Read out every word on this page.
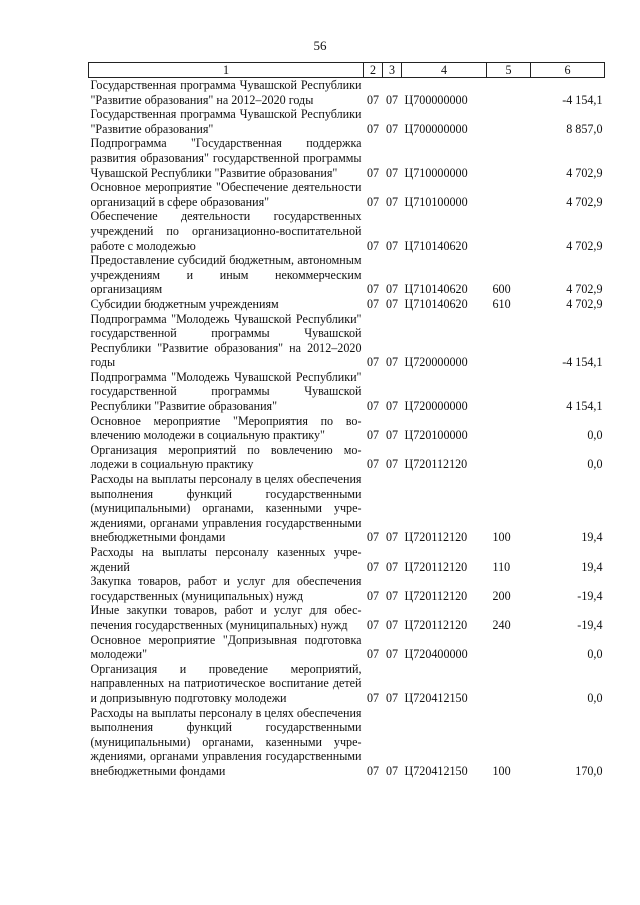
56
1	2	3	4	5	6
Государственная программа Чувашской Республики "Развитие образования" на 2012–2020 годы	07	07	Ц700000000		-4 154,1
Государственная программа Чувашской Республики "Развитие образования"	07	07	Ц700000000		8 857,0
Подпрограмма "Государственная поддержка развития образования" государственной программы Чувашской Республики "Развитие образования"	07	07	Ц710000000		4 702,9
Основное мероприятие "Обеспечение деятельности организаций в сфере образования"	07	07	Ц710100000		4 702,9
Обеспечение деятельности государственных учреждений по организационно-воспитательной работе с молодежью	07	07	Ц710140620		4 702,9
Предоставление субсидий бюджетным, автономным учреждениям и иным некоммерческим организациям	07	07	Ц710140620	600	4 702,9
Субсидии бюджетным учреждениям	07	07	Ц710140620	610	4 702,9
Подпрограмма "Молодежь Чувашской Республики" государственной программы Чувашской Республики "Развитие образования" на 2012–2020 годы	07	07	Ц720000000		-4 154,1
Подпрограмма "Молодежь Чувашской Республики" государственной программы Чувашской Республики "Развитие образования"	07	07	Ц720000000		4 154,1
Основное мероприятие "Мероприятия по вовлечению молодежи в социальную практику"	07	07	Ц720100000		0,0
Организация мероприятий по вовлечению молодежи в социальную практику	07	07	Ц720112120		0,0
Расходы на выплаты персоналу в целях обеспечения выполнения функций государственными (муниципальными) органами, казенными учреждениями, органами управления государственными внебюджетными фондами	07	07	Ц720112120	100	19,4
Расходы на выплаты персоналу казенных учреждений	07	07	Ц720112120	110	19,4
Закупка товаров, работ и услуг для обеспечения государственных (муниципальных) нужд	07	07	Ц720112120	200	-19,4
Иные закупки товаров, работ и услуг для обеспечения государственных (муниципальных) нужд	07	07	Ц720112120	240	-19,4
Основное мероприятие "Допризывная подготовка молодежи"	07	07	Ц720400000		0,0
Организация и проведение мероприятий, направленных на патриотическое воспитание детей и допризывную подготовку молодежи	07	07	Ц720412150		0,0
Расходы на выплаты персоналу в целях обеспечения выполнения функций государственными (муниципальными) органами, казенными учреждениями, органами управления государственными внебюджетными фондами	07	07	Ц720412150	100	170,0
